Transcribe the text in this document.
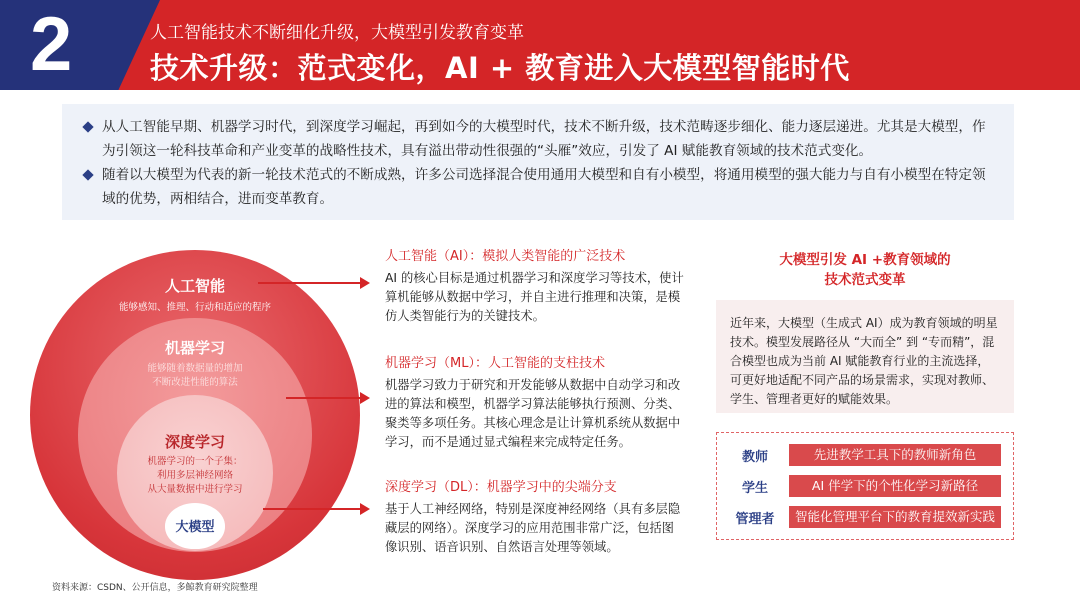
2	人工智能技术不断细化升级，大模型引发教育变革
技术升级：范式变化，AI + 教育进入大模型智能时代
从人工智能早期、机器学习时代，到深度学习崛起，再到如今的大模型时代，技术不断升级，技术范畴逐步细化、能力逐层递进。尤其是大模型，作为引领这一轮科技革命和产业变革的战略性技术，具有溢出带动性很强的“头雁”效应，引发了 AI 赋能教育领域的技术范式变化。
随着以大模型为代表的新一轮技术范式的不断成熟，许多公司选择混合使用通用大模型和自有小模型，将通用模型的强大能力与自有小模型在特定领域的优势，两相结合，进而变革教育。
人工智能
能够感知、推理、行动和适应的程序
机器学习
能够随着数据量的增加
不断改进性能的算法
深度学习
机器学习的一个子集：
利用多层神经网络
从大量数据中进行学习
大模型
人工智能（AI）：模拟人类智能的广泛技术
AI 的核心目标是通过机器学习和深度学习等技术，使计算机能够从数据中学习，并自主进行推理和决策，是模仿人类智能行为的关键技术。
机器学习（ML）：人工智能的支柱技术
机器学习致力于研究和开发能够从数据中自动学习和改进的算法和模型，机器学习算法能够执行预测、分类、聚类等多项任务。其核心理念是让计算机系统从数据中学习，而不是通过显式编程来完成特定任务。
深度学习（DL）：机器学习中的尖端分支
基于人工神经网络，特别是深度神经网络（具有多层隐藏层的网络）。深度学习的应用范围非常广泛，包括图像识别、语音识别、自然语言处理等领域。
大模型引发 AI +教育领域的
技术范式变革
近年来，大模型（生成式 AI）成为教育领域的明星技术。模型发展路径从 “大而全” 到 “专而精”，混合模型也成为当前 AI 赋能教育行业的主流选择，可更好地适配不同产品的场景需求，实现对教师、学生、管理者更好的赋能效果。
教师	先进教学工具下的教师新角色
学生	AI 伴学下的个性化学习新路径
管理者	智能化管理平台下的教育提效新实践
资料来源：CSDN、公开信息，多鲸教育研究院整理
